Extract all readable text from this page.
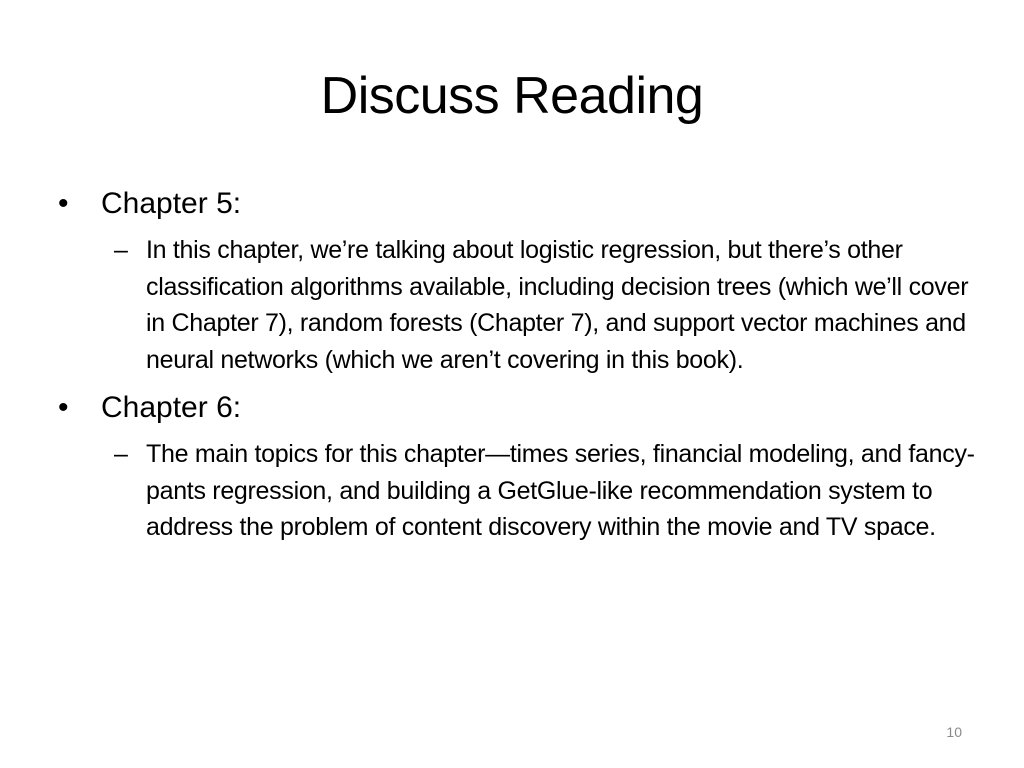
Discuss Reading
•	Chapter 5:
– In this chapter, we’re talking about logistic regression, but there’s other classification algorithms available, including decision trees (which we’ll cover in Chapter 7), random forests (Chapter 7), and support vector machines and neural networks (which we aren’t covering in this book).
•	Chapter 6:
– The main topics for this chapter—times series, financial modeling, and fancy-pants regression, and building a GetGlue-like recommendation system to address the problem of content discovery within the movie and TV space.
10
